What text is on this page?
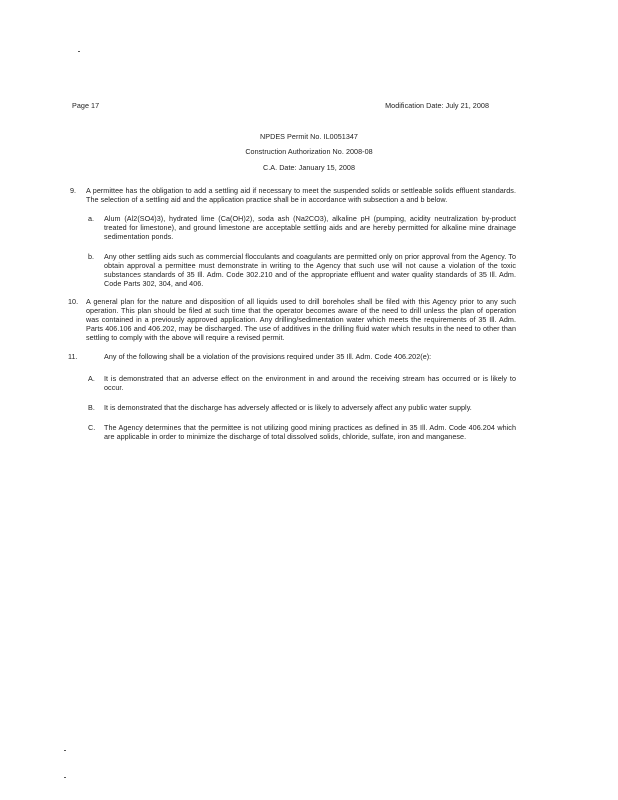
Page 17	Modification Date: July 21, 2008
NPDES Permit No. IL0051347
Construction Authorization No. 2008-08
C.A. Date: January 15, 2008
9. A permittee has the obligation to add a settling aid if necessary to meet the suspended solids or settleable solids effluent standards. The selection of a settling aid and the application practice shall be in accordance with subsection a and b below.
a. Alum (Al2(SO4)3), hydrated lime (Ca(OH)2), soda ash (Na2CO3), alkaline pH (pumping, acidity neutralization by-product treated for limestone), and ground limestone are acceptable settling aids and are hereby permitted for alkaline mine drainage sedimentation ponds.
b. Any other settling aids such as commercial flocculants and coagulants are permitted only on prior approval from the Agency. To obtain approval a permittee must demonstrate in writing to the Agency that such use will not cause a violation of the toxic substances standards of 35 Ill. Adm. Code 302.210 and of the appropriate effluent and water quality standards of 35 Ill. Adm. Code Parts 302, 304, and 406.
10. A general plan for the nature and disposition of all liquids used to drill boreholes shall be filed with this Agency prior to any such operation. This plan should be filed at such time that the operator becomes aware of the need to drill unless the plan of operation was contained in a previously approved application. Any drilling/sedimentation water which meets the requirements of 35 Ill. Adm. Parts 406.106 and 406.202, may be discharged. The use of additives in the drilling fluid water which results in the need to other than settling to comply with the above will require a revised permit.
11.	Any of the following shall be a violation of the provisions required under 35 Ill. Adm. Code 406.202(e):
A. It is demonstrated that an adverse effect on the environment in and around the receiving stream has occurred or is likely to occur.
B. It is demonstrated that the discharge has adversely affected or is likely to adversely affect any public water supply.
C. The Agency determines that the permittee is not utilizing good mining practices as defined in 35 Ill. Adm. Code 406.204 which are applicable in order to minimize the discharge of total dissolved solids, chloride, sulfate, iron and manganese.
